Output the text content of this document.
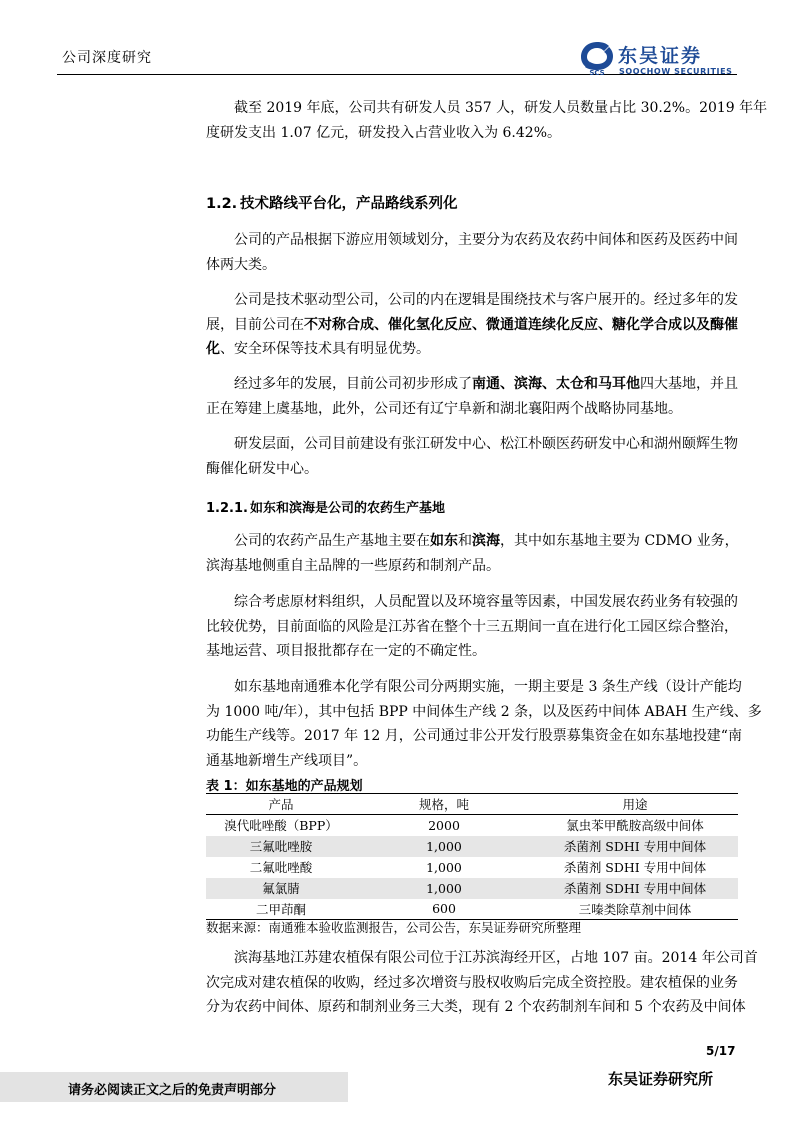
公司深度研究
SCS
东吴证券
SOOCHOW SECURITIES
截至 2019 年底，公司共有研发人员 357 人，研发人员数量占比 30.2%。2019 年年
度研发支出 1.07 亿元，研发投入占营业收入为 6.42%。
1.2. 技术路线平台化，产品路线系列化
公司的产品根据下游应用领域划分，主要分为农药及农药中间体和医药及医药中间
体两大类。
公司是技术驱动型公司，公司的内在逻辑是围绕技术与客户展开的。经过多年的发
展，目前公司在不对称合成、催化氢化反应、微通道连续化反应、糖化学合成以及酶催
化、安全环保等技术具有明显优势。
经过多年的发展，目前公司初步形成了南通、滨海、太仓和马耳他四大基地，并且
正在筹建上虞基地，此外，公司还有辽宁阜新和湖北襄阳两个战略协同基地。
研发层面，公司目前建设有张江研发中心、松江朴颐医药研发中心和湖州颐辉生物
酶催化研发中心。
1.2.1. 如东和滨海是公司的农药生产基地
公司的农药产品生产基地主要在如东和滨海，其中如东基地主要为 CDMO 业务，
滨海基地侧重自主品牌的一些原药和制剂产品。
综合考虑原材料组织，人员配置以及环境容量等因素，中国发展农药业务有较强的
比较优势，目前面临的风险是江苏省在整个十三五期间一直在进行化工园区综合整治，
基地运营、项目报批都存在一定的不确定性。
如东基地南通雅本化学有限公司分两期实施，一期主要是 3 条生产线（设计产能均
为 1000 吨/年），其中包括 BPP 中间体生产线 2 条，以及医药中间体 ABAH 生产线、多
功能生产线等。2017 年 12 月，公司通过非公开发行股票募集资金在如东基地投建“南
通基地新增生产线项目”。
表 1：如东基地的产品规划
产品	规格，吨	用途
溴代吡唑酸（BPP）	2000	氯虫苯甲酰胺高级中间体
三氟吡唑胺	1,000	杀菌剂 SDHI 专用中间体
二氟吡唑酸	1,000	杀菌剂 SDHI 专用中间体
氟氯腈	1,000	杀菌剂 SDHI 专用中间体
二甲茚酮	600	三嗪类除草剂中间体
数据来源：南通雅本验收监测报告，公司公告，东吴证券研究所整理
滨海基地江苏建农植保有限公司位于江苏滨海经开区，占地 107 亩。2014 年公司首
次完成对建农植保的收购，经过多次增资与股权收购后完成全资控股。建农植保的业务
分为农药中间体、原药和制剂业务三大类，现有 2 个农药制剂车间和 5 个农药及中间体
5/17
请务必阅读正文之后的免责声明部分
东吴证券研究所
